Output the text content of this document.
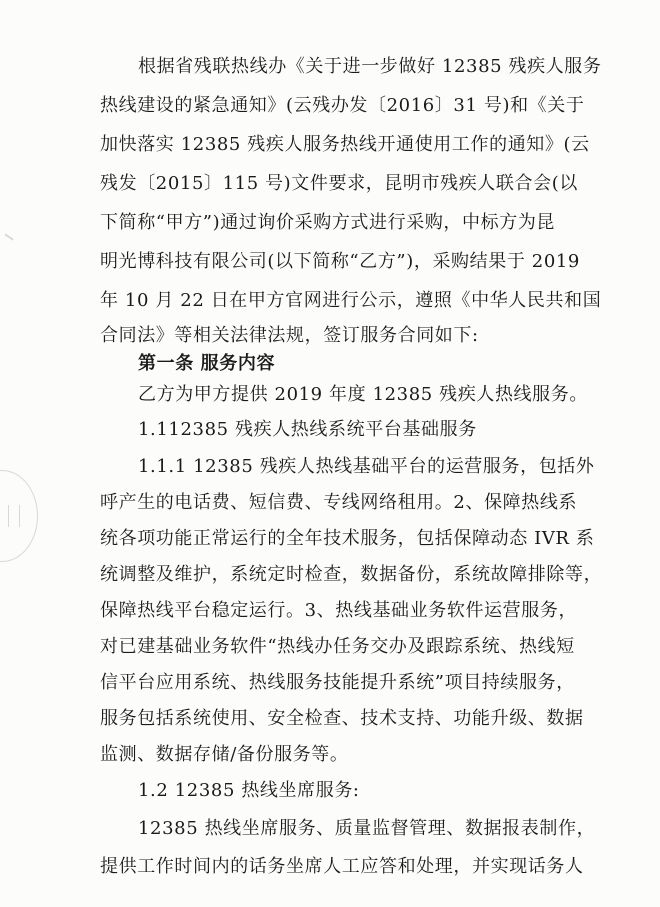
根据省残联热线办《关于进一步做好 12385 残疾人服务
热线建设的紧急通知》(云残办发〔2016〕31 号)和《关于
加快落实 12385 残疾人服务热线开通使用工作的通知》(云
残发〔2015〕115 号)文件要求，昆明市残疾人联合会(以
下简称“甲方”)通过询价采购方式进行采购，中标方为昆
明光博科技有限公司(以下简称“乙方”)，采购结果于 2019
年 10 月 22 日在甲方官网进行公示，遵照《中华人民共和国
合同法》等相关法律法规，签订服务合同如下:
第一条 服务内容
乙方为甲方提供 2019 年度 12385 残疾人热线服务。
1.112385 残疾人热线系统平台基础服务
1.1.1 12385 残疾人热线基础平台的运营服务，包括外
呼产生的电话费、短信费、专线网络租用。2、保障热线系
统各项功能正常运行的全年技术服务，包括保障动态 IVR 系
统调整及维护，系统定时检查，数据备份，系统故障排除等，
保障热线平台稳定运行。3、热线基础业务软件运营服务，
对已建基础业务软件“热线办任务交办及跟踪系统、热线短
信平台应用系统、热线服务技能提升系统”项目持续服务，
服务包括系统使用、安全检查、技术支持、功能升级、数据
监测、数据存储/备份服务等。
1.2 12385 热线坐席服务:
12385 热线坐席服务、质量监督管理、数据报表制作，
提供工作时间内的话务坐席人工应答和处理，并实现话务人
